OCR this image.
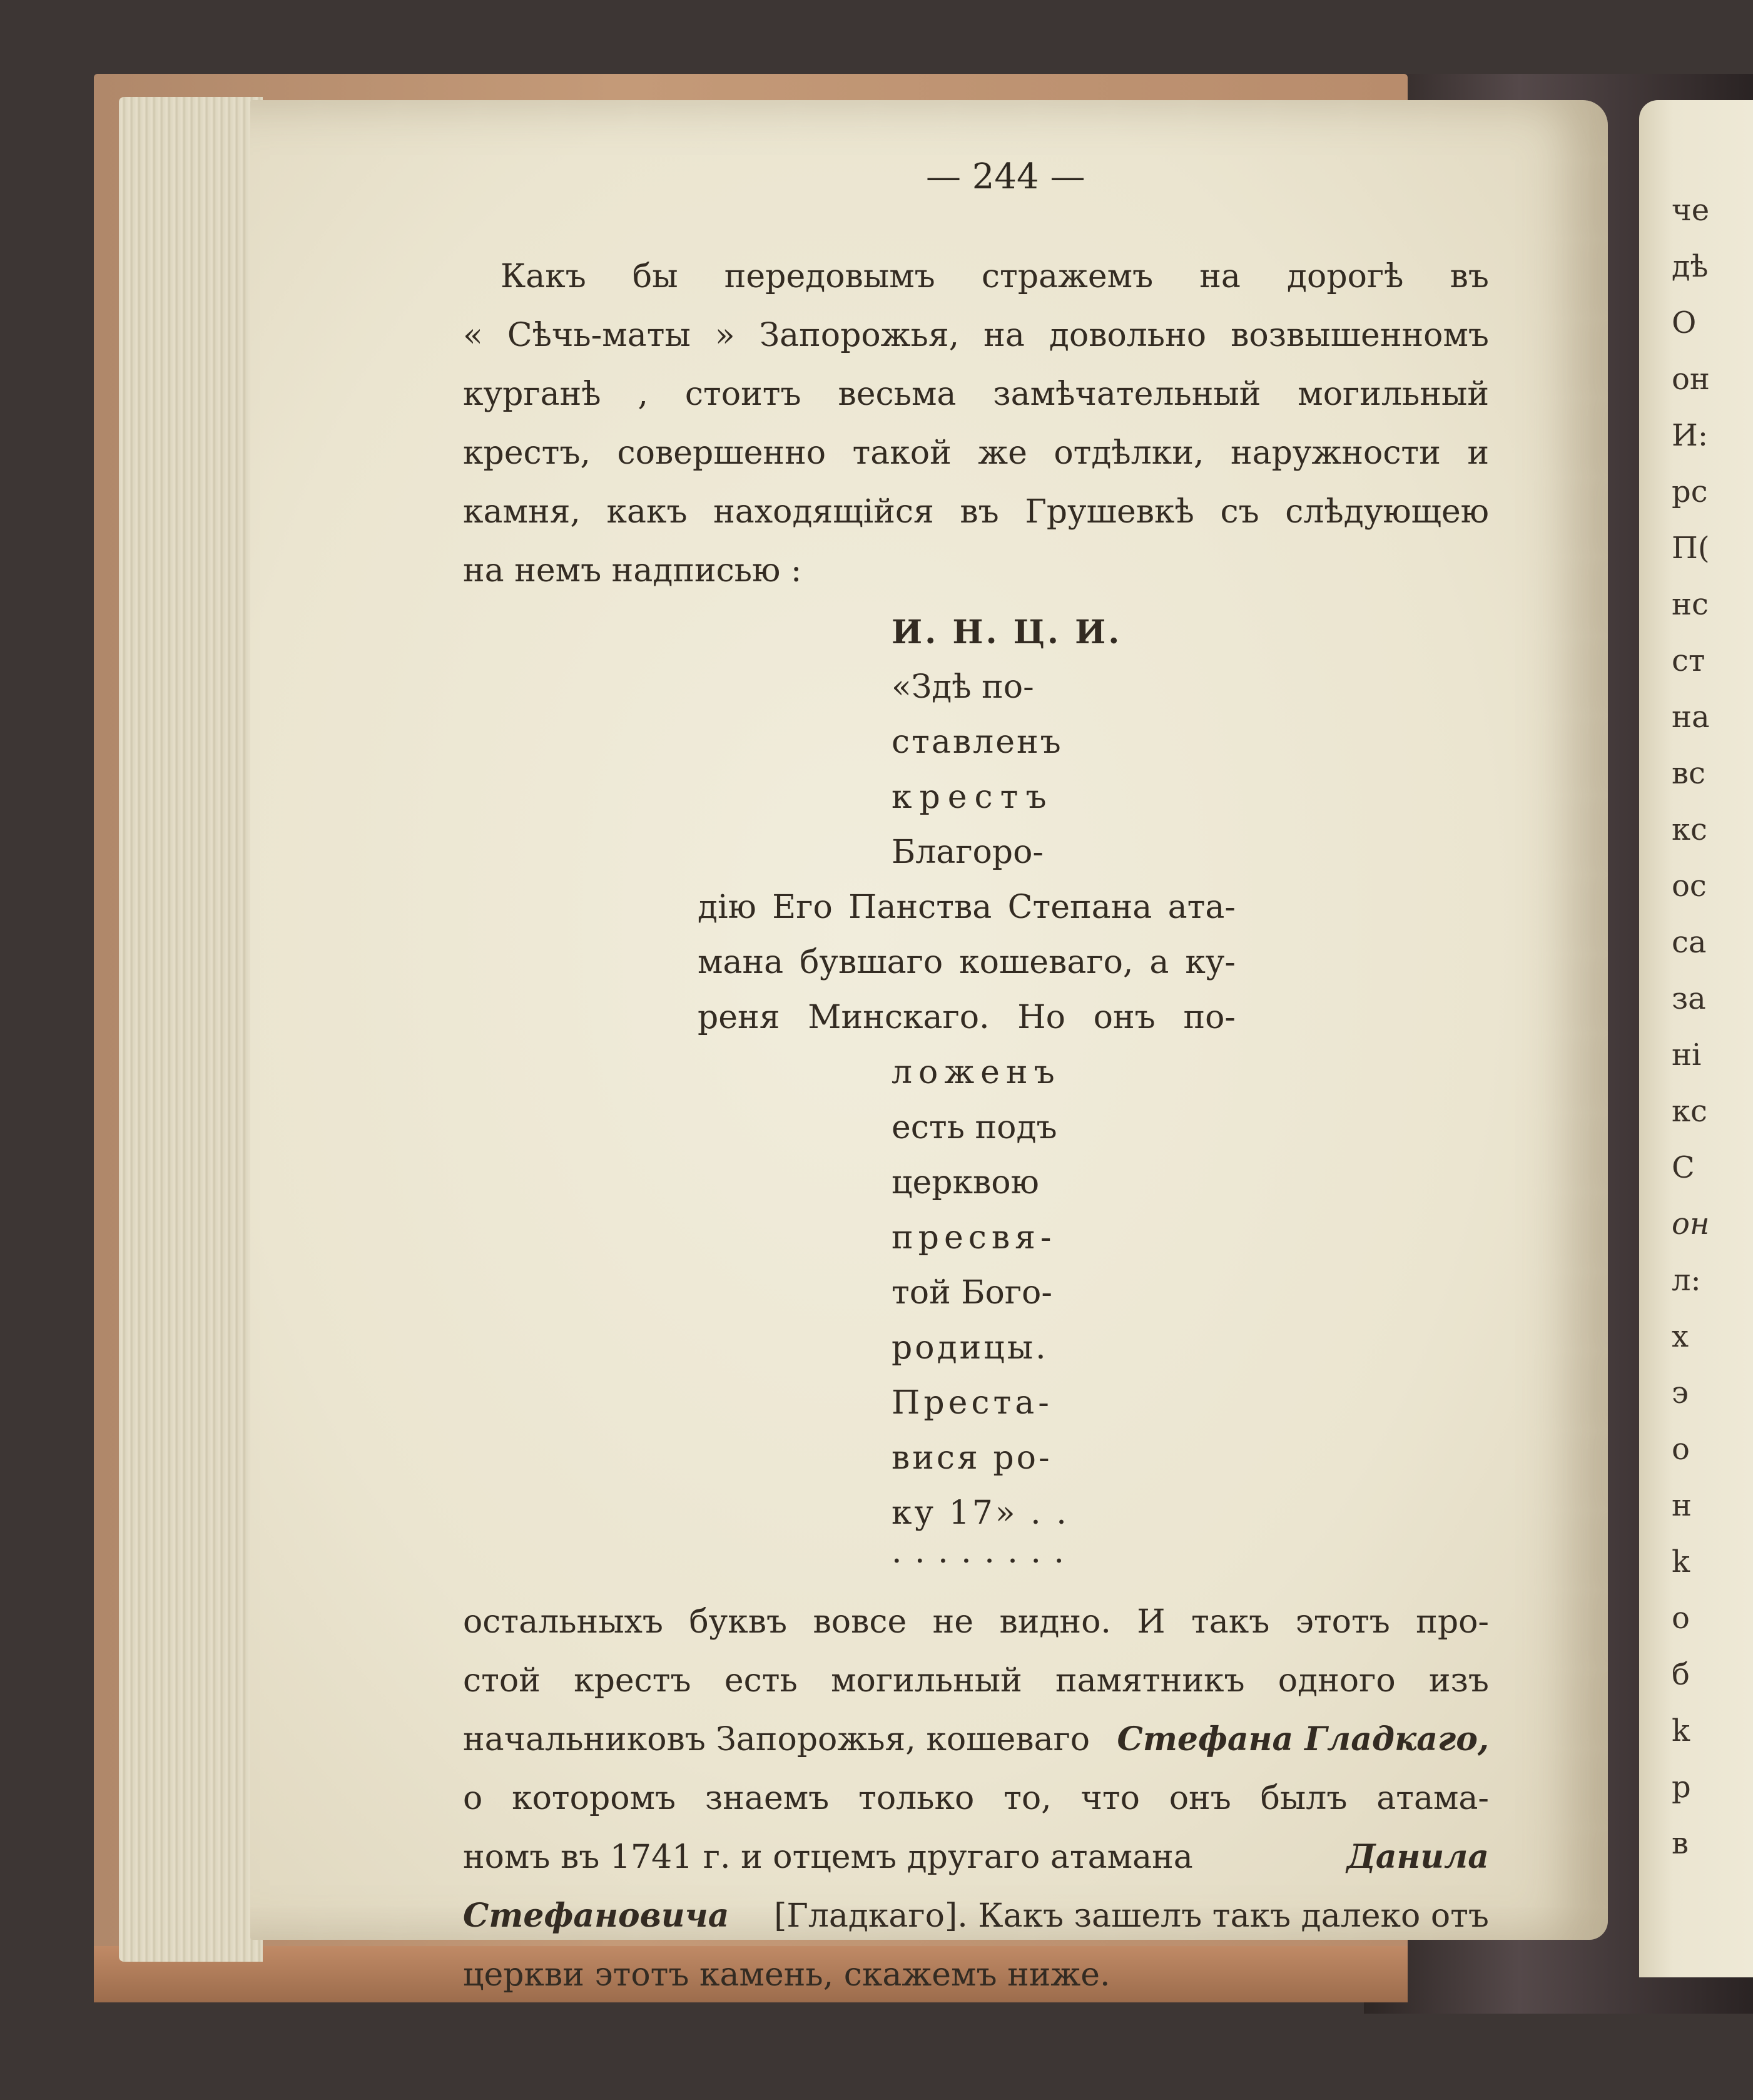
— 244 —
Какъ бы передовымъ стражемъ на дорогѣ въ
« Сѣчь-маты » Запорожья, на довольно возвышенномъ
курганѣ , стоитъ весьма замѣчательный могильный
крестъ, совершенно такой же отдѣлки, наружности и
камня, какъ находящійся въ Грушевкѣ съ слѣдующею
на немъ надписью :
И. Н. Ц. И.
«Здѣ по-
ставленъ
крестъ
Благоро-
дію Его Панства Степана ата-
мана бувшаго кошеваго, а ку-
реня Минскаго. Но онъ по-
ложенъ
есть подъ
церквою
пресвя-
той Бого-
родицы.
Преста-
вися ро-
ку 17» . .
. . . . . . . .
остальныхъ буквъ вовсе не видно. И такъ этотъ про-
стой крестъ есть могильный памятникъ одного изъ
начальниковъ Запорожья, кошеваго Стефана Гладкаго,
о которомъ знаемъ только то, что онъ былъ атама-
номъ въ 1741 г. и отцемъ другаго атамана	Данила
Стефановича [Гладкаго]. Какъ зашелъ такъ далеко отъ
церкви этотъ камень, скажемъ ниже.
че
дѣ
О
он
И:
рс
П(
нс
ст
на
вс
кс
ос
са
за
ні
кс
С
он
л:
х
э
о
н
k
о
б
k
р
в
